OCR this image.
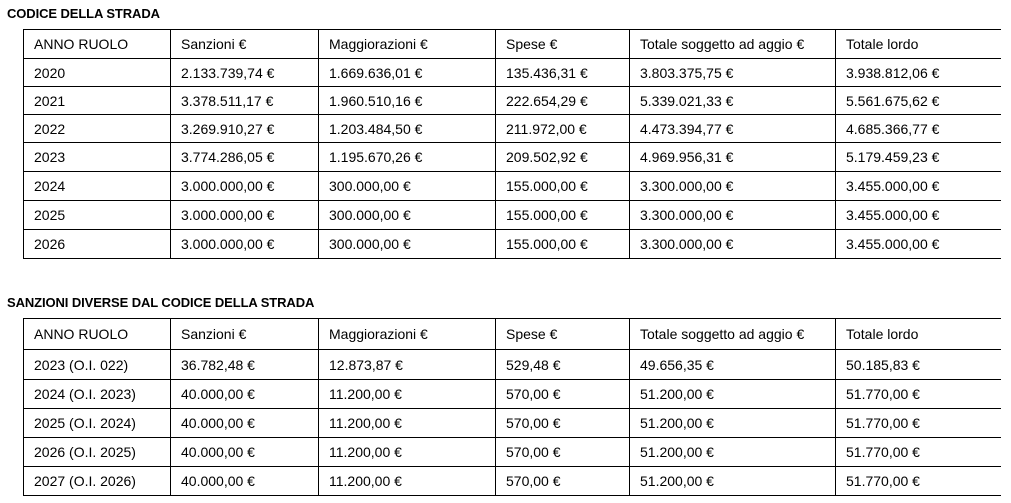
CODICE DELLA STRADA
ANNO RUOLO	Sanzioni €	Maggiorazioni €	Spese €	Totale soggetto ad aggio €	Totale lordo
2020	2.133.739,74 €	1.669.636,01 €	135.436,31 €	3.803.375,75 €	3.938.812,06 €
2021	3.378.511,17 €	1.960.510,16 €	222.654,29 €	5.339.021,33 €	5.561.675,62 €
2022	3.269.910,27 €	1.203.484,50 €	211.972,00 €	4.473.394,77 €	4.685.366,77 €
2023	3.774.286,05 €	1.195.670,26 €	209.502,92 €	4.969.956,31 €	5.179.459,23 €
2024	3.000.000,00 €	300.000,00 €	155.000,00 €	3.300.000,00 €	3.455.000,00 €
2025	3.000.000,00 €	300.000,00 €	155.000,00 €	3.300.000,00 €	3.455.000,00 €
2026	3.000.000,00 €	300.000,00 €	155.000,00 €	3.300.000,00 €	3.455.000,00 €
SANZIONI DIVERSE DAL CODICE DELLA STRADA
ANNO RUOLO	Sanzioni €	Maggiorazioni €	Spese €	Totale soggetto ad aggio €	Totale lordo
2023 (O.I. 022)	36.782,48 €	12.873,87 €	529,48 €	49.656,35 €	50.185,83 €
2024 (O.I. 2023)	40.000,00 €	11.200,00 €	570,00 €	51.200,00 €	51.770,00 €
2025 (O.I. 2024)	40.000,00 €	11.200,00 €	570,00 €	51.200,00 €	51.770,00 €
2026 (O.I. 2025)	40.000,00 €	11.200,00 €	570,00 €	51.200,00 €	51.770,00 €
2027 (O.I. 2026)	40.000,00 €	11.200,00 €	570,00 €	51.200,00 €	51.770,00 €
